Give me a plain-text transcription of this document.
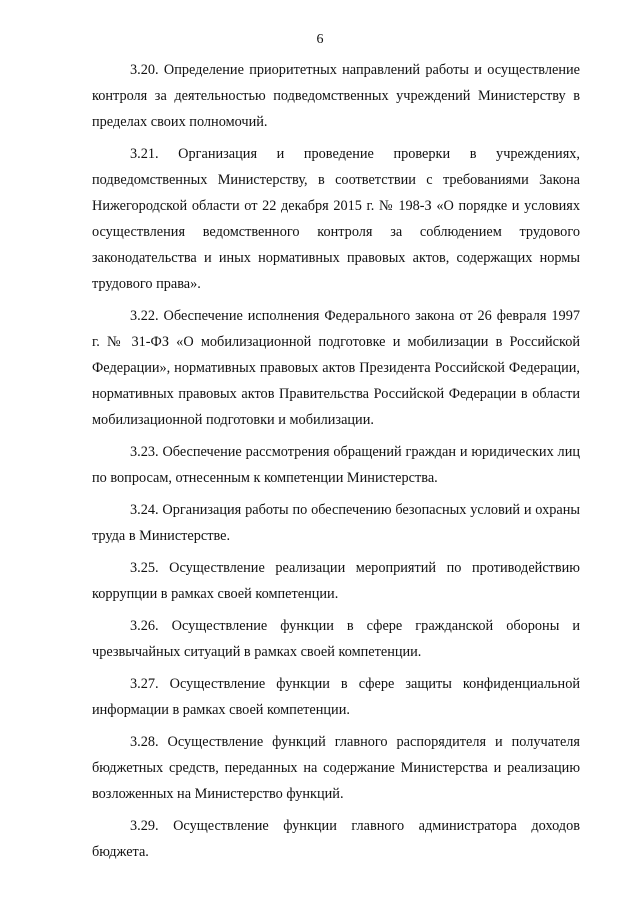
6

3.20. Определение приоритетных направлений работы и осуществление контроля за деятельностью подведомственных учреждений Министерству в пределах своих полномочий.

3.21. Организация и проведение проверки в учреждениях, подведомственных Министерству, в соответствии с требованиями Закона Нижегородской области от 22 декабря 2015 г. № 198-З «О порядке и условиях осуществления ведомственного контроля за соблюдением трудового законодательства и иных нормативных правовых актов, содержащих нормы трудового права».

3.22. Обеспечение исполнения Федерального закона от 26 февраля 1997 г. № 31-ФЗ «О мобилизационной подготовке и мобилизации в Российской Федерации», нормативных правовых актов Президента Российской Федерации, нормативных правовых актов Правительства Российской Федерации в области мобилизационной подготовки и мобилизации.

3.23. Обеспечение рассмотрения обращений граждан и юридических лиц по вопросам, отнесенным к компетенции Министерства.

3.24. Организация работы по обеспечению безопасных условий и охраны труда в Министерстве.

3.25. Осуществление реализации мероприятий по противодействию коррупции в рамках своей компетенции.

3.26. Осуществление функции в сфере гражданской обороны и чрезвычайных ситуаций в рамках своей компетенции.

3.27. Осуществление функции в сфере защиты конфиденциальной информации в рамках своей компетенции.

3.28. Осуществление функций главного распорядителя и получателя бюджетных средств, переданных на содержание Министерства и реализацию возложенных на Министерство функций.

3.29. Осуществление функции главного администратора доходов бюджета.
